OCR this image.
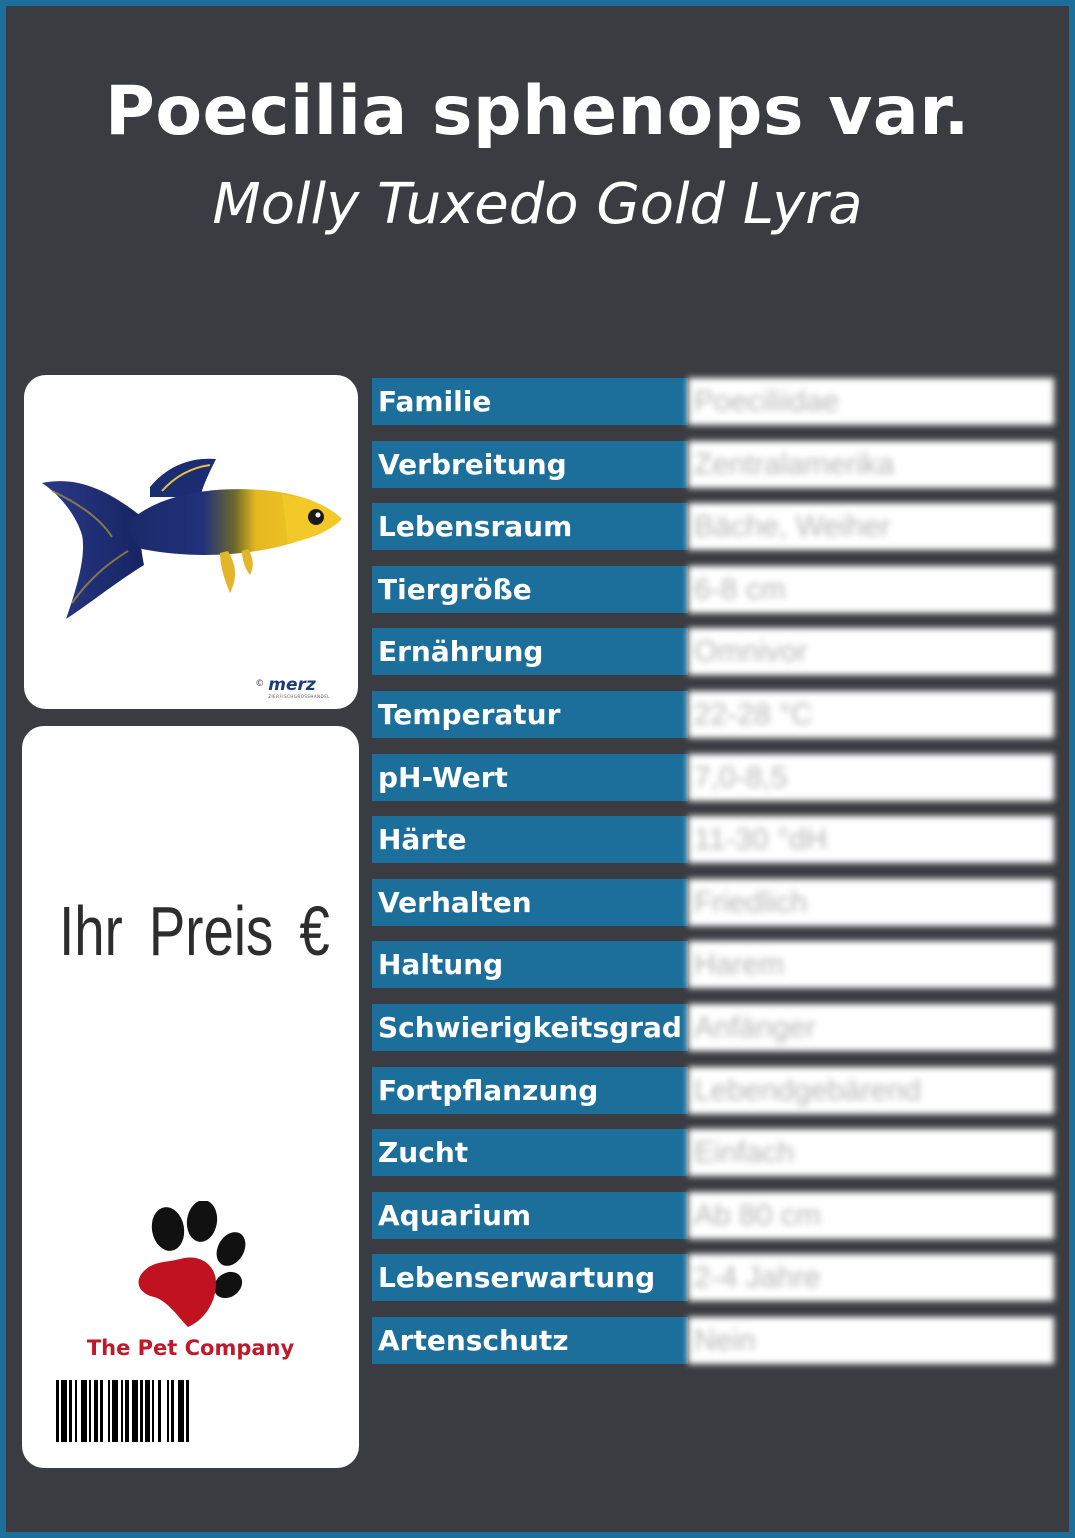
Poecilia sphenops var.
Molly Tuxedo Gold Lyra
© merz
ZIERFISCHGROSSHANDEL
Ihr Preis €
The Pet Company
Familie	Poeciliidae
Verbreitung	Zentralamerika
Lebensraum	Bäche, Weiher
Tiergröße	6-8 cm
Ernährung	Omnivor
Temperatur	22-28 °C
pH-Wert	7,0-8,5
Härte	11-30 °dH
Verhalten	Friedlich
Haltung	Harem
Schwierigkeitsgrad Anfänger
Fortpflanzung	Lebendgebärend
Zucht	Einfach
Aquarium	Ab 80 cm
Lebenserwartung	2-4 Jahre
Artenschutz	Nein
